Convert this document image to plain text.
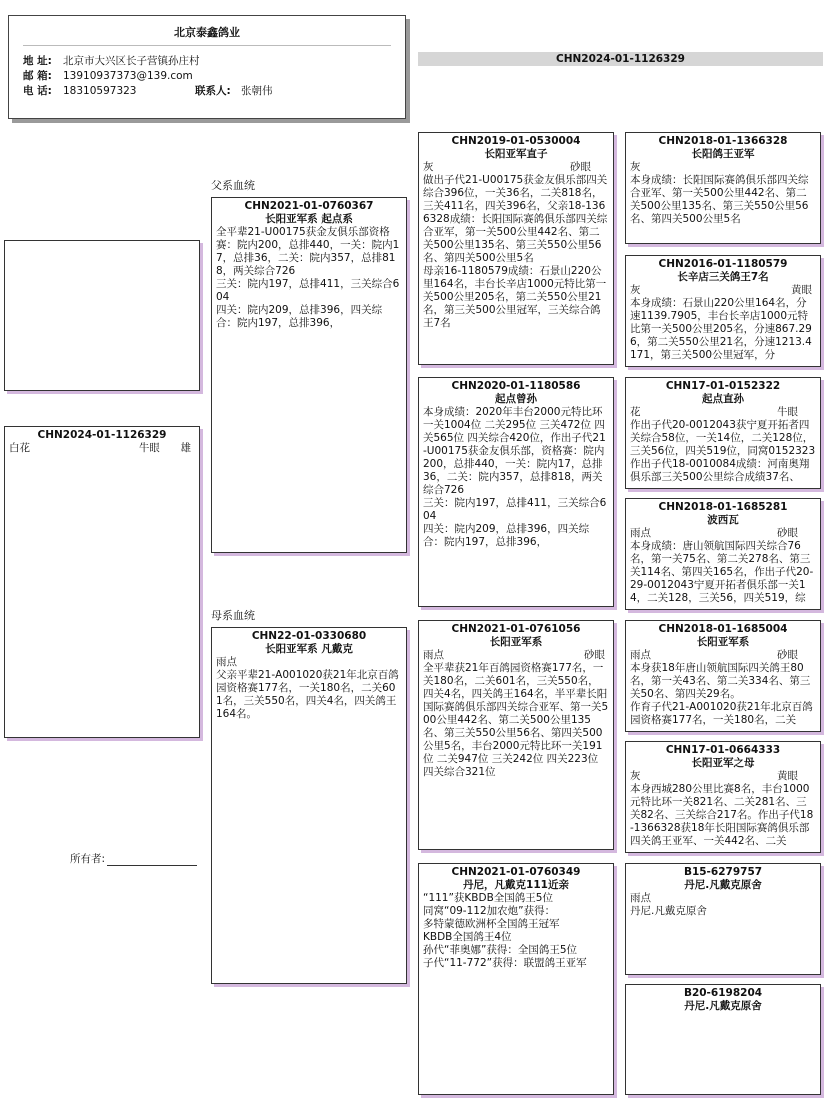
北京泰鑫鸽业
地 址:	北京市大兴区长子营镇孙庄村
邮 箱:	13910937373@139.com
电 话:	18310597323	联系人: 张朝伟
CHN2024-01-1126329
父系血统
母系血统
CHN2024-01-1126329
白花	牛眼 雄
所有者:
CHN2021-01-0760367
长阳亚军系 起点系
全平辈21-U00175获金友俱乐部资格赛：院内200，总排440，一关：院内17，总排36，二关：院内357，总排818，两关综合726
三关：院内197，总排411，三关综合604
四关：院内209，总排396，四关综合：院内197，总排396，
CHN22-01-0330680
长阳亚军系 凡戴克
雨点
父亲平辈21-A001020获21年北京百鸽园资格赛177名，一关180名，二关601名，三关550名，四关4名，四关鸽王164名。
CHN2019-01-0530004
长阳亚军直子
灰	砂眼
做出子代21-U00175获金友俱乐部四关综合396位，一关36名，二关818名，三关411名，四关396名，父亲18-1366328成绩：长阳国际赛鸽俱乐部四关综合亚军，第一关500公里442名、第二关500公里135名、第三关550公里56名、第四关500公里5名
母亲16-1180579成绩：石景山220公里164名，丰台长辛店1000元特比第一关500公里205名，第二关550公里21名，第三关500公里冠军，三关综合鸽王7名
CHN2020-01-1180586
起点曾孙
本身成绩：2020年丰台2000元特比环一关1004位 二关295位 三关472位 四关565位 四关综合420位，作出子代21-U00175获金友俱乐部，资格赛：院内200，总排440，一关：院内17，总排36，二关：院内357，总排818，两关综合726
三关：院内197，总排411，三关综合604
四关：院内209，总排396，四关综合：院内197，总排396，
CHN2021-01-0761056
长阳亚军系
雨点	砂眼
全平辈获21年百鸽园资格赛177名，一关180名，二关601名，三关550名，四关4名，四关鸽王164名，半平辈长阳国际赛鸽俱乐部四关综合亚军、第一关500公里442名、第二关500公里135名、第三关550公里56名、第四关500公里5名，丰台2000元特比环一关191位 二关947位 三关242位 四关223位 四关综合321位
CHN2021-01-0760349
丹尼，凡戴克111近亲
“111”获KBDB全国鸽王5位
同窝“09-112加农炮”获得：
多特蒙德欧洲杯全国鸽王冠军
KBDB全国鸽王4位
孙代“菲奥娜”获得：全国鸽王5位
子代“11-772”获得：联盟鸽王亚军
CHN2018-01-1366328
长阳鸽王亚军
灰
本身成绩：长阳国际赛鸽俱乐部四关综合亚军、第一关500公里442名、第二关500公里135名、第三关550公里56名、第四关500公里5名
CHN2016-01-1180579
长辛店三关鸽王7名
灰	黄眼
本身成绩：石景山220公里164名，分速1139.7905，丰台长辛店1000元特比第一关500公里205名，分速867.296，第二关550公里21名，分速1213.4171，第三关500公里冠军，分
CHN17-01-0152322
起点直孙
花	牛眼
作出子代20-0012043获宁夏开拓者四关综合58位，一关14位，二关128位，三关56位，四关519位，同窝0152323作出子代18-0010084成绩：河南奥翔俱乐部三关500公里综合成绩37名、
CHN2018-01-1685281
波西瓦
雨点	砂眼
本身成绩：唐山领航国际四关综合76名，第一关75名、第二关278名、第三关114名、第四关165名，作出子代20-29-0012043宁夏开拓者俱乐部一关14，二关128，三关56，四关519，综
CHN2018-01-1685004
长阳亚军系
雨点	砂眼
本身获18年唐山领航国际四关鸽王80名，第一关43名、第二关334名、第三关50名、第四关29名。
作育子代21-A001020获21年北京百鸽园资格赛177名，一关180名，二关
CHN17-01-0664333
长阳亚军之母
灰	黄眼
本身西城280公里比赛8名，丰台1000元特比环一关821名、二关281名、三关82名、三关综合217名。作出子代18-1366328获18年长阳国际赛鸽俱乐部四关鸽王亚军、一关442名、二关
B15-6279757
丹尼.凡戴克原舍
雨点
丹尼.凡戴克原舍
B20-6198204
丹尼.凡戴克原舍
